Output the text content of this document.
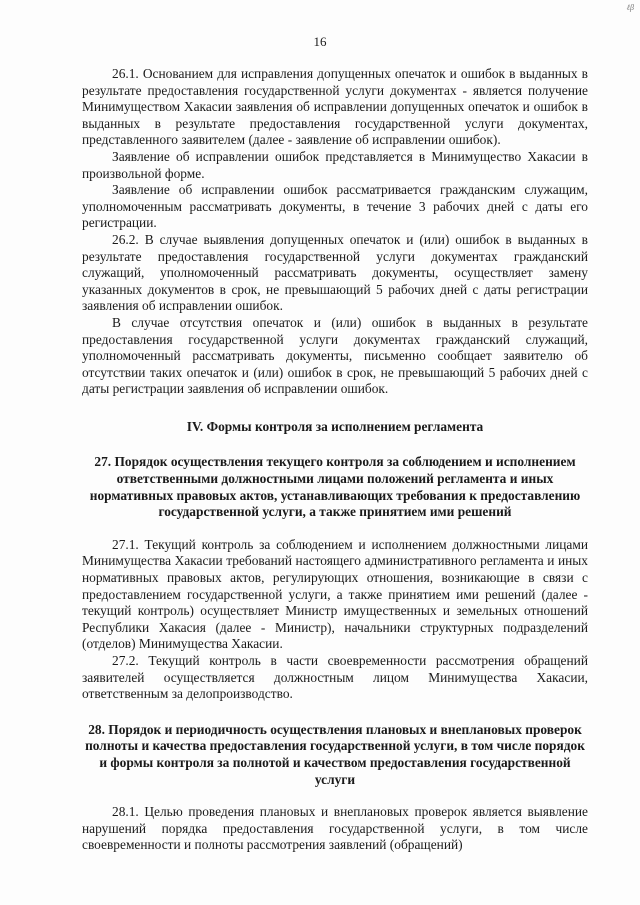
ℓβ
16

26.1. Основанием для исправления допущенных опечаток и ошибок в выданных в результате предоставления государственной услуги документах - является получение Минимуществом Хакасии заявления об исправлении допущенных опечаток и ошибок в выданных в результате предоставления государственной услуги документах, представленного заявителем (далее - заявление об исправлении ошибок).

Заявление об исправлении ошибок представляется в Минимущество Хакасии в произвольной форме.

Заявление об исправлении ошибок рассматривается гражданским служащим, уполномоченным рассматривать документы, в течение 3 рабочих дней с даты его регистрации.

26.2. В случае выявления допущенных опечаток и (или) ошибок в выданных в результате предоставления государственной услуги документах гражданский служащий, уполномоченный рассматривать документы, осуществляет замену указанных документов в срок, не превышающий 5 рабочих дней с даты регистрации заявления об исправлении ошибок.

В случае отсутствия опечаток и (или) ошибок в выданных в результате предоставления государственной услуги документах гражданский служащий, уполномоченный рассматривать документы, письменно сообщает заявителю об отсутствии таких опечаток и (или) ошибок в срок, не превышающий 5 рабочих дней с даты регистрации заявления об исправлении ошибок.

IV. Формы контроля за исполнением регламента
27. Порядок осуществления текущего контроля за соблюдением и исполнением ответственными должностными лицами положений регламента и иных нормативных правовых актов, устанавливающих требования к предоставлению государственной услуги, а также принятием ими решений

27.1. Текущий контроль за соблюдением и исполнением должностными лицами Минимущества Хакасии требований настоящего административного регламента и иных нормативных правовых актов, регулирующих отношения, возникающие в связи с предоставлением государственной услуги, а также принятием ими решений (далее - текущий контроль) осуществляет Министр имущественных и земельных отношений Республики Хакасия (далее - Министр), начальники структурных подразделений (отделов) Минимущества Хакасии.

27.2. Текущий контроль в части своевременности рассмотрения обращений заявителей осуществляется должностным лицом Минимущества Хакасии, ответственным за делопроизводство.

28. Порядок и периодичность осуществления плановых и внеплановых проверок полноты и качества предоставления государственной услуги, в том числе порядок и формы контроля за полнотой и качеством предоставления государственной услуги

28.1. Целью проведения плановых и внеплановых проверок является выявление нарушений порядка предоставления государственной услуги, в том числе своевременности и полноты рассмотрения заявлений (обращений)
